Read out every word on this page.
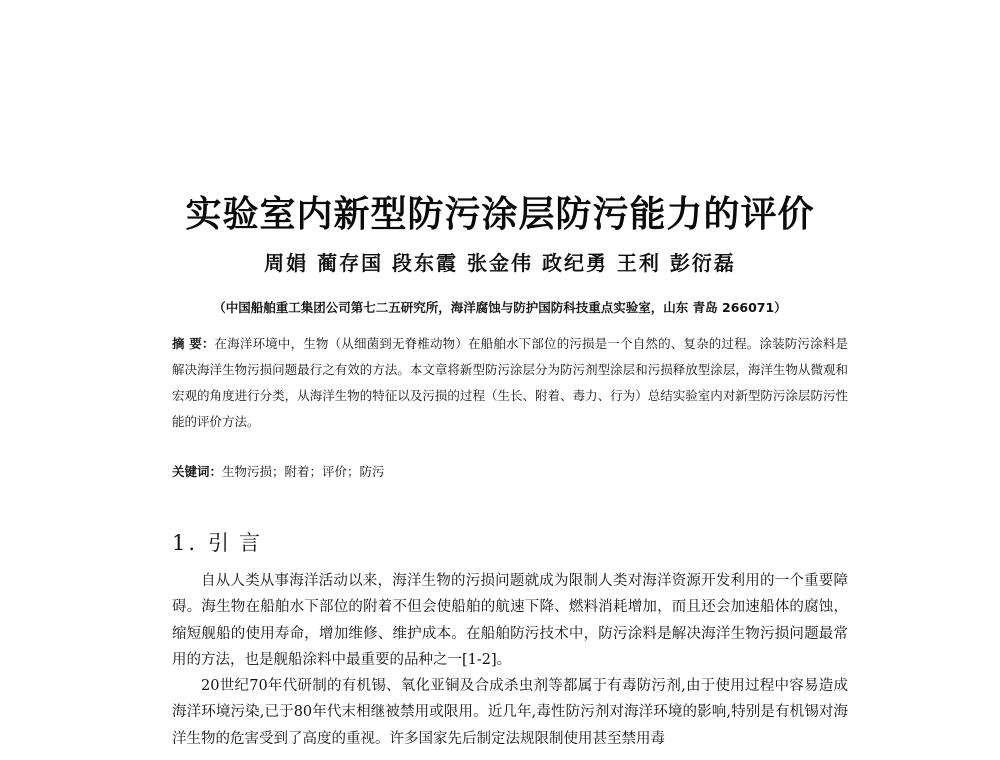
实验室内新型防污涂层防污能力的评价
周娟 蔺存国 段东霞 张金伟 政纪勇 王利 彭衍磊
（中国船舶重工集团公司第七二五研究所，海洋腐蚀与防护国防科技重点实验室，山东 青岛 266071）
摘 要：在海洋环境中，生物（从细菌到无脊椎动物）在船舶水下部位的污损是一个自然的、复杂的过程。涂装防污涂料是解决海洋生物污损问题最行之有效的方法。本文章将新型防污涂层分为防污剂型涂层和污损释放型涂层，海洋生物从微观和宏观的角度进行分类，从海洋生物的特征以及污损的过程（生长、附着、毒力、行为）总结实验室内对新型防污涂层防污性能的评价方法。
关键词：生物污损；附着；评价；防污
1. 引言

自从人类从事海洋活动以来，海洋生物的污损问题就成为限制人类对海洋资源开发利用的一个重要障碍。海生物在船舶水下部位的附着不但会使船舶的航速下降、燃料消耗增加，而且还会加速船体的腐蚀，缩短舰船的使用寿命，增加维修、维护成本。在船舶防污技术中，防污涂料是解决海洋生物污损问题最常用的方法，也是舰船涂料中最重要的品种之一[1-2]。

20世纪70年代研制的有机锡、氧化亚铜及合成杀虫剂等都属于有毒防污剂,由于使用过程中容易造成海洋环境污染,已于80年代末相继被禁用或限用。近几年,毒性防污剂对海洋环境的影响,特别是有机锡对海洋生物的危害受到了高度的重视。许多国家先后制定法规限制使用甚至禁用毒
